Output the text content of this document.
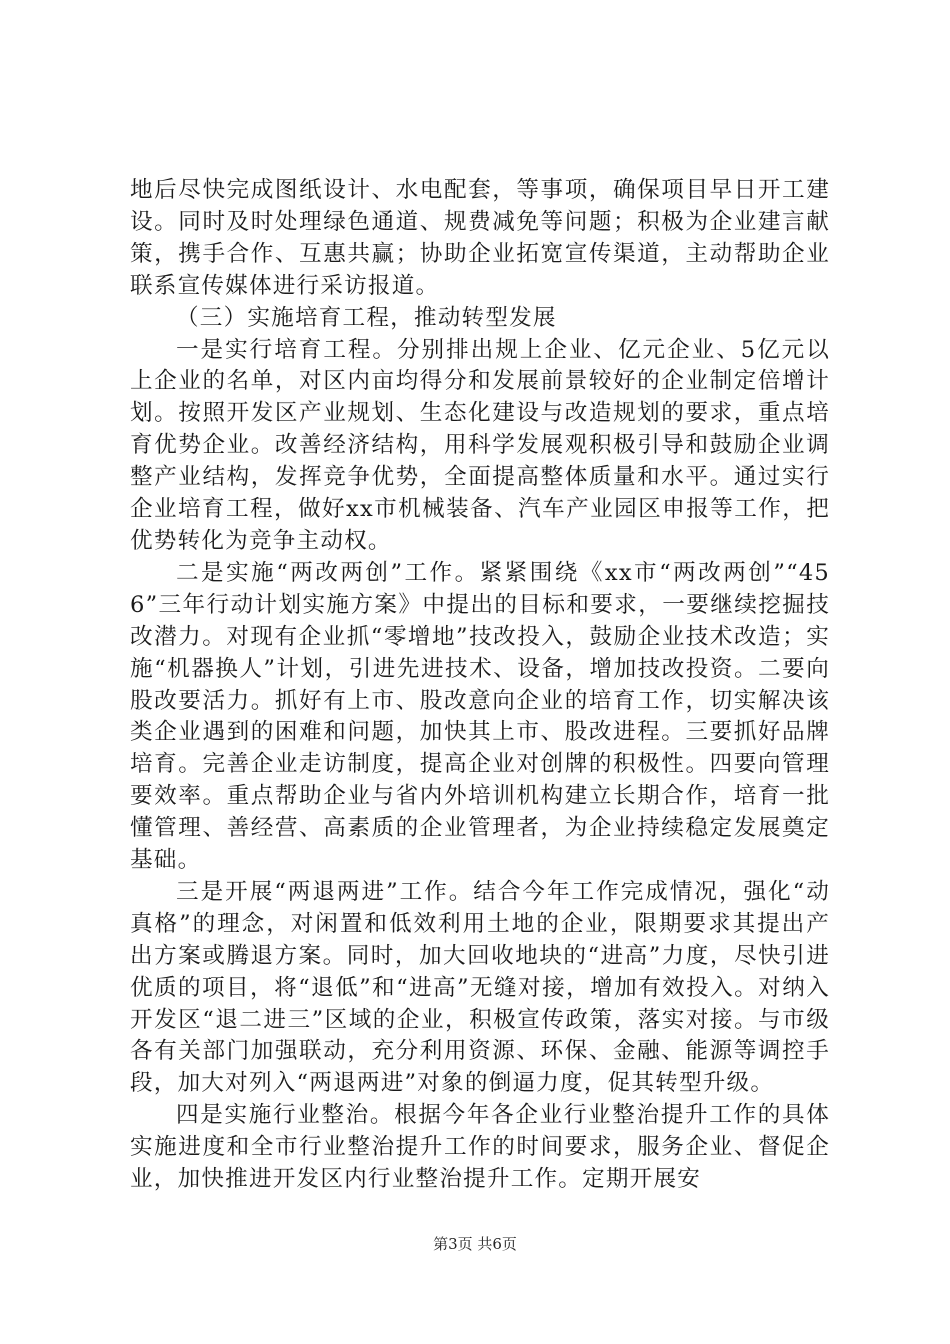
地后尽快完成图纸设计、水电配套，等事项，确保项目早日开工建设。同时及时处理绿色通道、规费减免等问题；积极为企业建言献策，携手合作、互惠共赢；协助企业拓宽宣传渠道，主动帮助企业联系宣传媒体进行采访报道。

（三）实施培育工程，推动转型发展

一是实行培育工程。分别排出规上企业、亿元企业、5亿元以上企业的名单，对区内亩均得分和发展前景较好的企业制定倍增计划。按照开发区产业规划、生态化建设与改造规划的要求，重点培育优势企业。改善经济结构，用科学发展观积极引导和鼓励企业调整产业结构，发挥竞争优势，全面提高整体质量和水平。通过实行企业培育工程，做好xx市机械装备、汽车产业园区申报等工作，把优势转化为竞争主动权。

二是实施“两改两创”工作。紧紧围绕《xx市“两改两创”“456”三年行动计划实施方案》中提出的目标和要求，一要继续挖掘技改潜力。对现有企业抓“零增地”技改投入，鼓励企业技术改造；实施“机器换人”计划，引进先进技术、设备，增加技改投资。二要向股改要活力。抓好有上市、股改意向企业的培育工作，切实解决该类企业遇到的困难和问题，加快其上市、股改进程。三要抓好品牌培育。完善企业走访制度，提高企业对创牌的积极性。四要向管理要效率。重点帮助企业与省内外培训机构建立长期合作，培育一批懂管理、善经营、高素质的企业管理者，为企业持续稳定发展奠定基础。

三是开展“两退两进”工作。结合今年工作完成情况，强化“动真格”的理念，对闲置和低效利用土地的企业，限期要求其提出产出方案或腾退方案。同时，加大回收地块的“进高”力度，尽快引进优质的项目，将“退低”和“进高”无缝对接，增加有效投入。对纳入开发区“退二进三”区域的企业，积极宣传政策，落实对接。与市级各有关部门加强联动，充分利用资源、环保、金融、能源等调控手段，加大对列入“两退两进”对象的倒逼力度，促其转型升级。

四是实施行业整治。根据今年各企业行业整治提升工作的具体实施进度和全市行业整治提升工作的时间要求，服务企业、督促企业，加快推进开发区内行业整治提升工作。定期开展安

第3页 共6页
